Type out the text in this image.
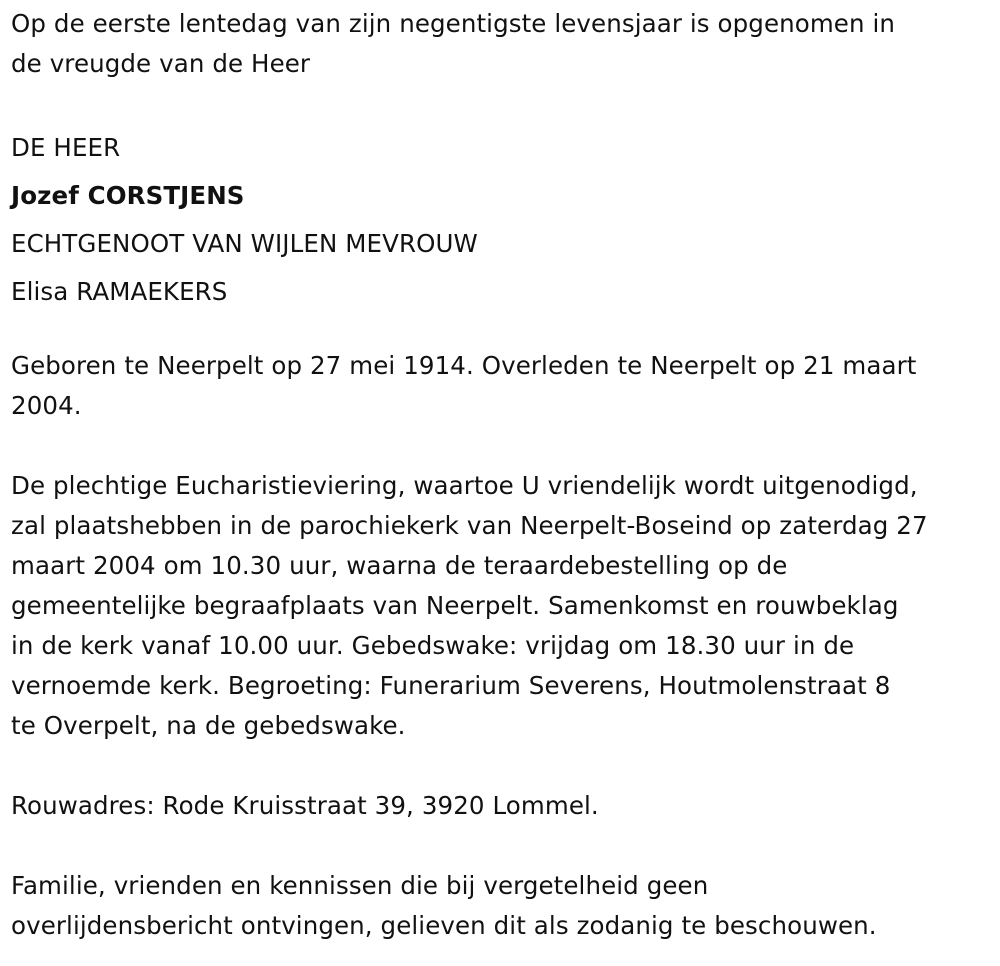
Op de eerste lentedag van zijn negentigste levensjaar is opgenomen in
de vreugde van de Heer

DE HEER
Jozef CORSTJENS
ECHTGENOOT VAN WIJLEN MEVROUW
Elisa RAMAEKERS

Geboren te Neerpelt op 27 mei 1914. Overleden te Neerpelt op 21 maart
2004.

De plechtige Eucharistieviering, waartoe U vriendelijk wordt uitgenodigd,
zal plaatshebben in de parochiekerk van Neerpelt-Boseind op zaterdag 27
maart 2004 om 10.30 uur, waarna de teraardebestelling op de
gemeentelijke begraafplaats van Neerpelt. Samenkomst en rouwbeklag
in de kerk vanaf 10.00 uur. Gebedswake: vrijdag om 18.30 uur in de
vernoemde kerk. Begroeting: Funerarium Severens, Houtmolenstraat 8
te Overpelt, na de gebedswake.

Rouwadres: Rode Kruisstraat 39, 3920 Lommel.

Familie, vrienden en kennissen die bij vergetelheid geen
overlijdensbericht ontvingen, gelieven dit als zodanig te beschouwen.
